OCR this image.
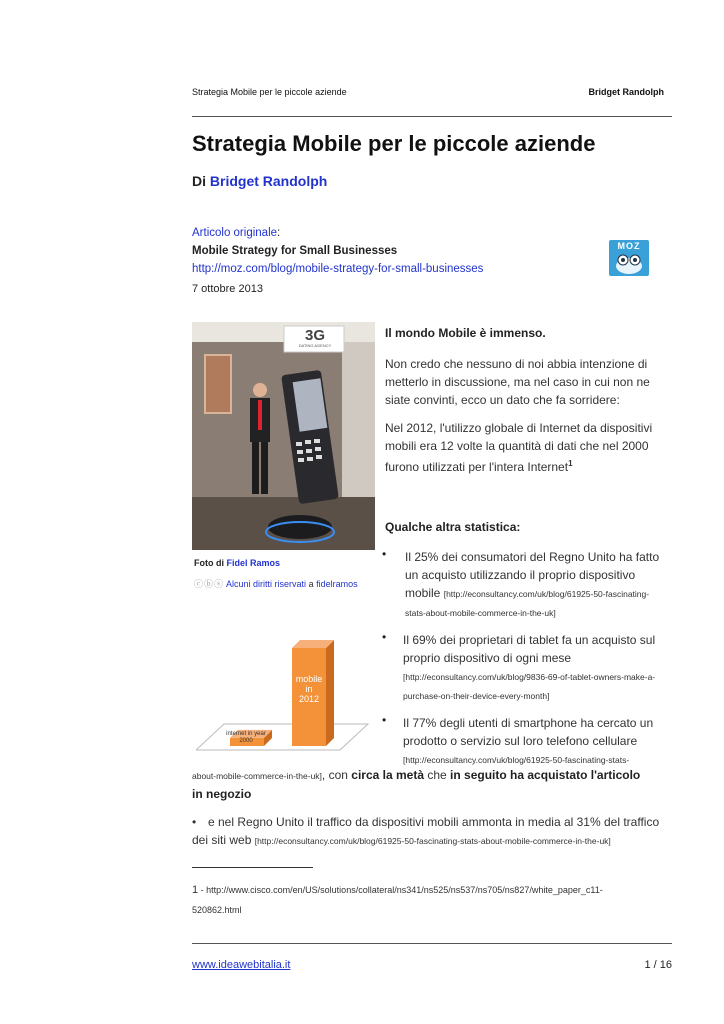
Strategia Mobile per le piccole aziende	Bridget Randolph
Strategia Mobile per le piccole aziende
Di Bridget Randolph
Articolo originale:
Mobile Strategy for Small Businesses
http://moz.com/blog/mobile-strategy-for-small-businesses
7 ottobre 2013
MOZ
3G
DATING AGENCY
Foto di Fidel Ramos
ⓒⓑⓢ Alcuni diritti riservati a fidelramos
Il mondo Mobile è immenso.
Non credo che nessuno di noi abbia intenzione di metterlo in discussione, ma nel caso in cui non ne siate convinti, ecco un dato che fa sorridere:
Nel 2012, l'utilizzo globale di Internet da dispositivi mobili era 12 volte la quantità di dati che nel 2000 furono utilizzati per l'intera Internet$^1$
Qualche altra statistica:
• Il 25% dei consumatori del Regno Unito ha fatto un acquisto utilizzando il proprio dispositivo mobile [http://econsultancy.com/uk/blog/61925-50-fascinating-stats-about-mobile-commerce-in-the-uk]
internet in year 2000
mobile
in
2012
• Il 69% dei proprietari di tablet fa un acquisto sul proprio dispositivo di ogni mese
[http://econsultancy.com/uk/blog/9836-69-of-tablet-owners-make-a-purchase-on-their-device-every-month]
• Il 77% degli utenti di smartphone ha cercato un prodotto o servizio sul loro telefono cellulare
[http://econsultancy.com/uk/blog/61925-50-fascinating-stats-
about-mobile-commerce-in-the-uk], con circa la metà che in seguito ha acquistato l'articolo
in negozio
• e nel Regno Unito il traffico da dispositivi mobili ammonta in media al 31% del traffico
dei siti web [http://econsultancy.com/uk/blog/61925-50-fascinating-stats-about-mobile-commerce-in-the-uk]
1 - http://www.cisco.com/en/US/solutions/collateral/ns341/ns525/ns537/ns705/ns827/white_paper_c11-
520862.html
www.ideawebitalia.it	1 / 16
